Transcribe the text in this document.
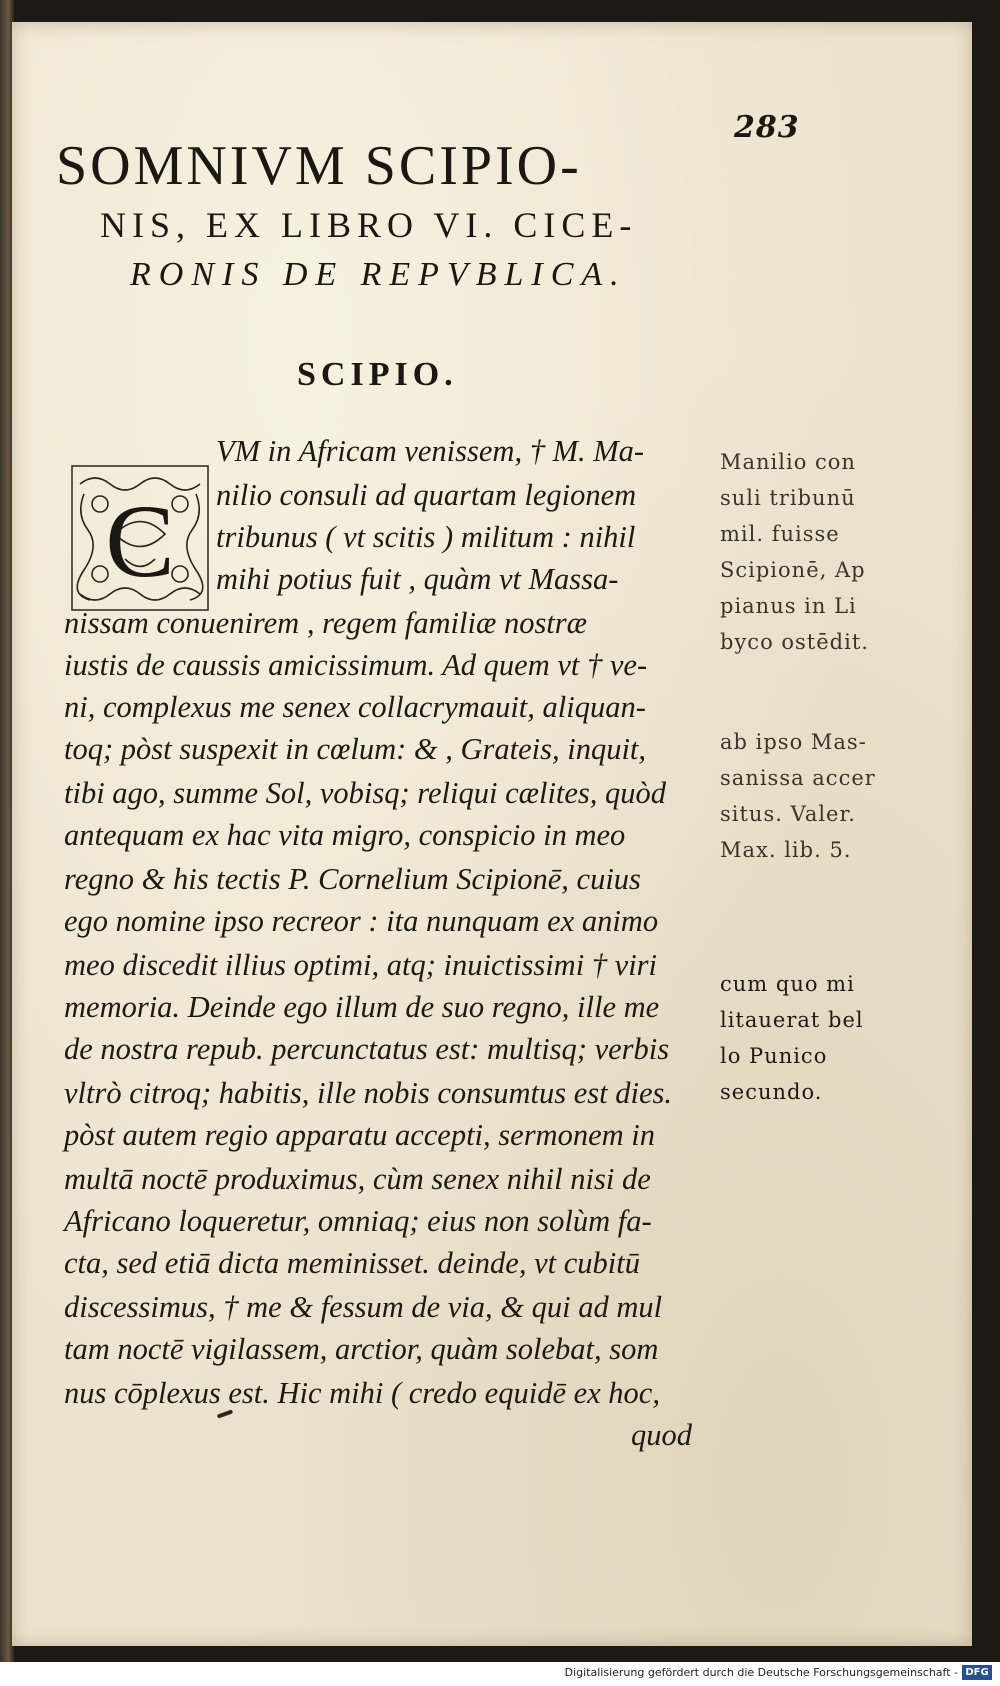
283
SOMNIVM SCIPIO-
NIS, EX LIBRO VI. CICE-
RONIS DE REPVBLICA.
SCIPIO.
C
VM in Africam venissem, † M. Ma-
nilio consuli ad quartam legionem
tribunus ( vt scitis ) militum : nihil
mihi potius fuit , quàm vt Massa-
nissam conuenirem , regem familiæ nostræ
iustis de caussis amicissimum. Ad quem vt † ve-
ni, complexus me senex collacrymauit, aliquan-
toq; pòst suspexit in cœlum: & , Grateis, inquit,
tibi ago, summe Sol, vobisq; reliqui cælites, quòd
antequam ex hac vita migro, conspicio in meo
regno & his tectis P. Cornelium Scipionē, cuius
ego nomine ipso recreor : ita nunquam ex animo
meo discedit illius optimi, atq; inuictissimi † viri
memoria. Deinde ego illum de suo regno, ille me
de nostra repub. percunctatus est: multisq; verbis
vltrò citroq; habitis, ille nobis consumtus est dies.
pòst autem regio apparatu accepti, sermonem in
multā noctē produximus, cùm senex nihil nisi de
Africano loqueretur, omniaq; eius non solùm fa-
cta, sed etiā dicta meminisset. deinde, vt cubitū
discessimus, † me & fessum de via, & qui ad mul
tam noctē vigilassem, arctior, quàm solebat, som
nus cōplexus est. Hic mihi ( credo equidē ex hoc,
quod
Manilio con
suli tribunū
mil. fuisse
Scipionē, Ap
pianus in Li
byco ostēdit.
ab ipso Mas-
sanissa accer
situs. Valer.
Max. lib. 5.
cum quo mi
litauerat bel
lo Punico
secundo.
Digitalisierung gefördert durch die Deutsche Forschungsgemeinschaft - DFG
